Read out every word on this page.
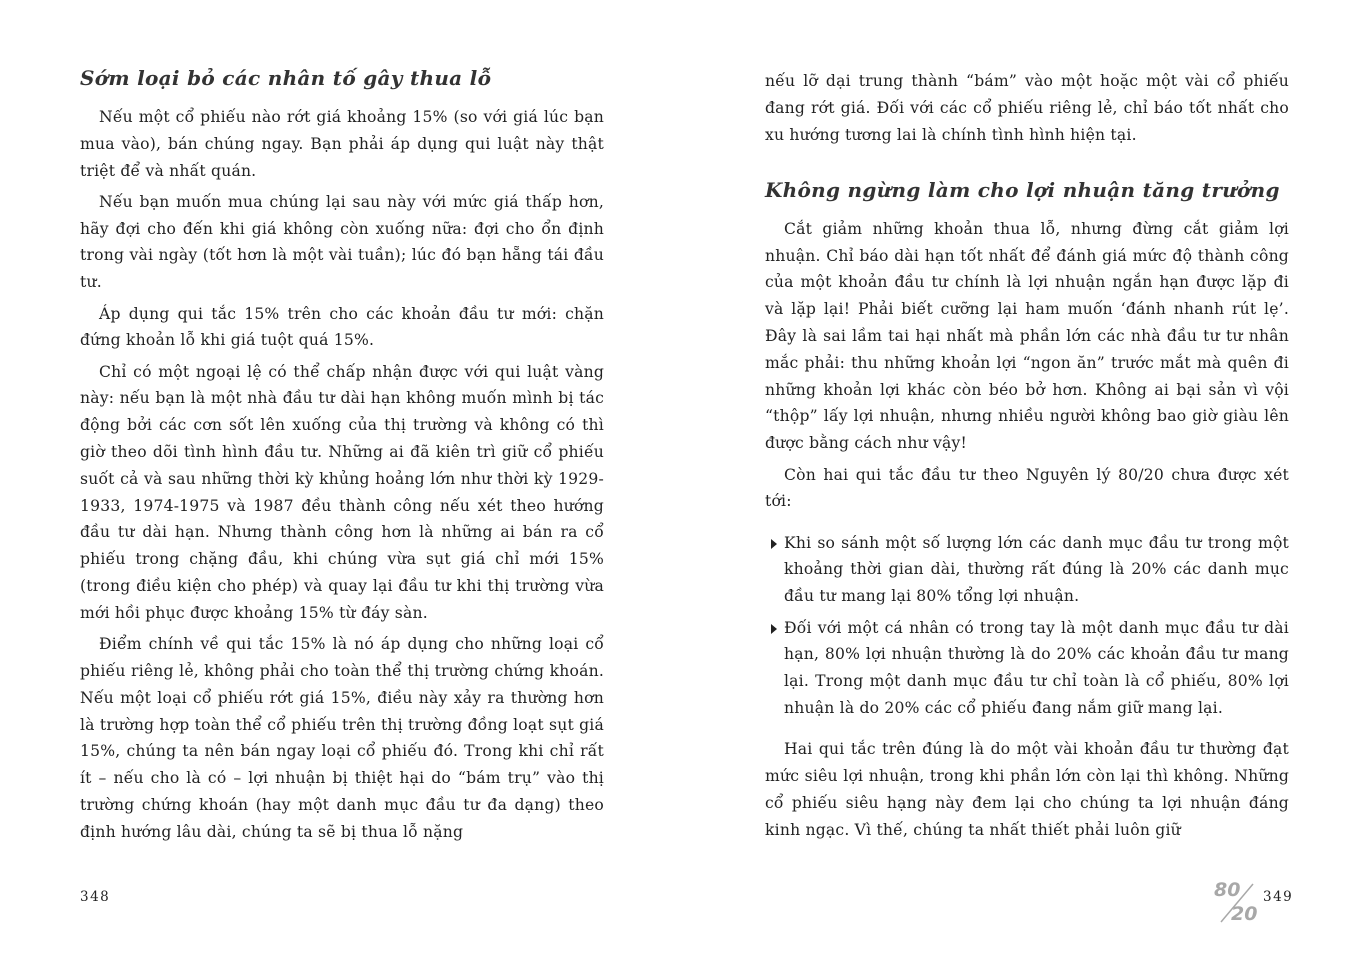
Sớm loại bỏ các nhân tố gây thua lỗ

Nếu một cổ phiếu nào rớt giá khoảng 15% (so với giá lúc bạn mua vào), bán chúng ngay. Bạn phải áp dụng qui luật này thật triệt để và nhất quán.

Nếu bạn muốn mua chúng lại sau này với mức giá thấp hơn, hãy đợi cho đến khi giá không còn xuống nữa: đợi cho ổn định trong vài ngày (tốt hơn là một vài tuần); lúc đó bạn hẵng tái đầu tư.

Áp dụng qui tắc 15% trên cho các khoản đầu tư mới: chặn đứng khoản lỗ khi giá tuột quá 15%.

Chỉ có một ngoại lệ có thể chấp nhận được với qui luật vàng này: nếu bạn là một nhà đầu tư dài hạn không muốn mình bị tác động bởi các cơn sốt lên xuống của thị trường và không có thì giờ theo dõi tình hình đầu tư. Những ai đã kiên trì giữ cổ phiếu suốt cả và sau những thời kỳ khủng hoảng lớn như thời kỳ 1929-1933, 1974-1975 và 1987 đều thành công nếu xét theo hướng đầu tư dài hạn. Nhưng thành công hơn là những ai bán ra cổ phiếu trong chặng đầu, khi chúng vừa sụt giá chỉ mới 15% (trong điều kiện cho phép) và quay lại đầu tư khi thị trường vừa mới hồi phục được khoảng 15% từ đáy sàn.

Điểm chính về qui tắc 15% là nó áp dụng cho những loại cổ phiếu riêng lẻ, không phải cho toàn thể thị trường chứng khoán. Nếu một loại cổ phiếu rớt giá 15%, điều này xảy ra thường hơn là trường hợp toàn thể cổ phiếu trên thị trường đồng loạt sụt giá 15%, chúng ta nên bán ngay loại cổ phiếu đó. Trong khi chỉ rất ít – nếu cho là có – lợi nhuận bị thiệt hại do “bám trụ” vào thị trường chứng khoán (hay một danh mục đầu tư đa dạng) theo định hướng lâu dài, chúng ta sẽ bị thua lỗ nặng

348

nếu lỡ dại trung thành “bám” vào một hoặc một vài cổ phiếu đang rớt giá. Đối với các cổ phiếu riêng lẻ, chỉ báo tốt nhất cho xu hướng tương lai là chính tình hình hiện tại.

Cắt giảm những khoản thua lỗ, nhưng đừng cắt giảm lợi nhuận. Chỉ báo dài hạn tốt nhất để đánh giá mức độ thành công của một khoản đầu tư chính là lợi nhuận ngắn hạn được lặp đi và lặp lại! Phải biết cưỡng lại ham muốn ‘đánh nhanh rút lẹ’. Đây là sai lầm tai hại nhất mà phần lớn các nhà đầu tư tư nhân mắc phải: thu những khoản lợi “ngon ăn” trước mắt mà quên đi những khoản lợi khác còn béo bở hơn. Không ai bại sản vì vội “thộp” lấy lợi nhuận, nhưng nhiều người không bao giờ giàu lên được bằng cách như vậy!

Còn hai qui tắc đầu tư theo Nguyên lý 80/20 chưa được xét tới:

Khi so sánh một số lượng lớn các danh mục đầu tư trong một khoảng thời gian dài, thường rất đúng là 20% các danh mục đầu tư mang lại 80% tổng lợi nhuận.
Đối với một cá nhân có trong tay là một danh mục đầu tư dài hạn, 80% lợi nhuận thường là do 20% các khoản đầu tư mang lại. Trong một danh mục đầu tư chỉ toàn là cổ phiếu, 80% lợi nhuận là do 20% các cổ phiếu đang nắm giữ mang lại.

Hai qui tắc trên đúng là do một vài khoản đầu tư thường đạt mức siêu lợi nhuận, trong khi phần lớn còn lại thì không. Những cổ phiếu siêu hạng này đem lại cho chúng ta lợi nhuận đáng kinh ngạc. Vì thế, chúng ta nhất thiết phải luôn giữ

Không ngừng làm cho lợi nhuận tăng trưởng
80
20
349
